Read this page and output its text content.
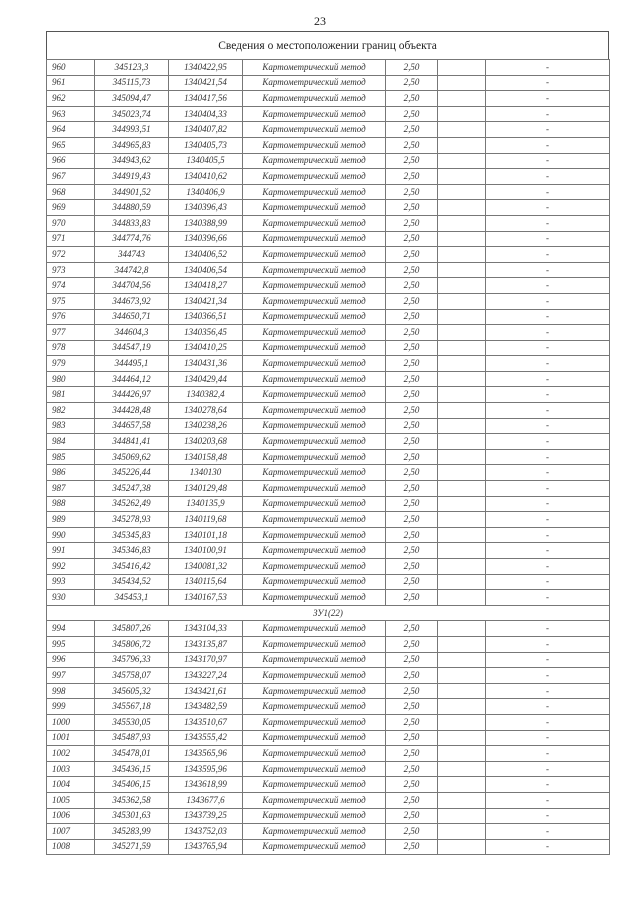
23
Сведения о местоположении границ объекта
960	345123,3	1340422,95	Картометрический метод	2,50		-
961	345115,73	1340421,54	Картометрический метод	2,50		-
962	345094,47	1340417,56	Картометрический метод	2,50		-
963	345023,74	1340404,33	Картометрический метод	2,50		-
964	344993,51	1340407,82	Картометрический метод	2,50		-
965	344965,83	1340405,73	Картометрический метод	2,50		-
966	344943,62	1340405,5	Картометрический метод	2,50		-
967	344919,43	1340410,62	Картометрический метод	2,50		-
968	344901,52	1340406,9	Картометрический метод	2,50		-
969	344880,59	1340396,43	Картометрический метод	2,50		-
970	344833,83	1340388,99	Картометрический метод	2,50		-
971	344774,76	1340396,66	Картометрический метод	2,50		-
972	344743	1340406,52	Картометрический метод	2,50		-
973	344742,8	1340406,54	Картометрический метод	2,50		-
974	344704,56	1340418,27	Картометрический метод	2,50		-
975	344673,92	1340421,34	Картометрический метод	2,50		-
976	344650,71	1340366,51	Картометрический метод	2,50		-
977	344604,3	1340356,45	Картометрический метод	2,50		-
978	344547,19	1340410,25	Картометрический метод	2,50		-
979	344495,1	1340431,36	Картометрический метод	2,50		-
980	344464,12	1340429,44	Картометрический метод	2,50		-
981	344426,97	1340382,4	Картометрический метод	2,50		-
982	344428,48	1340278,64	Картометрический метод	2,50		-
983	344657,58	1340238,26	Картометрический метод	2,50		-
984	344841,41	1340203,68	Картометрический метод	2,50		-
985	345069,62	1340158,48	Картометрический метод	2,50		-
986	345226,44	1340130	Картометрический метод	2,50		-
987	345247,38	1340129,48	Картометрический метод	2,50		-
988	345262,49	1340135,9	Картометрический метод	2,50		-
989	345278,93	1340119,68	Картометрический метод	2,50		-
990	345345,83	1340101,18	Картометрический метод	2,50		-
991	345346,83	1340100,91	Картометрический метод	2,50		-
992	345416,42	1340081,32	Картометрический метод	2,50		-
993	345434,52	1340115,64	Картометрический метод	2,50		-
930	345453,1	1340167,53	Картометрический метод	2,50		-
ЗУ1(22)						
994	345807,26	1343104,33	Картометрический метод	2,50		-
995	345806,72	1343135,87	Картометрический метод	2,50		-
996	345796,33	1343170,97	Картометрический метод	2,50		-
997	345758,07	1343227,24	Картометрический метод	2,50		-
998	345605,32	1343421,61	Картометрический метод	2,50		-
999	345567,18	1343482,59	Картометрический метод	2,50		-
1000	345530,05	1343510,67	Картометрический метод	2,50		-
1001	345487,93	1343555,42	Картометрический метод	2,50		-
1002	345478,01	1343565,96	Картометрический метод	2,50		-
1003	345436,15	1343595,96	Картометрический метод	2,50		-
1004	345406,15	1343618,99	Картометрический метод	2,50		-
1005	345362,58	1343677,6	Картометрический метод	2,50		-
1006	345301,63	1343739,25	Картометрический метод	2,50		-
1007	345283,99	1343752,03	Картометрический метод	2,50		-
1008	345271,59	1343765,94	Картометрический метод	2,50		-
